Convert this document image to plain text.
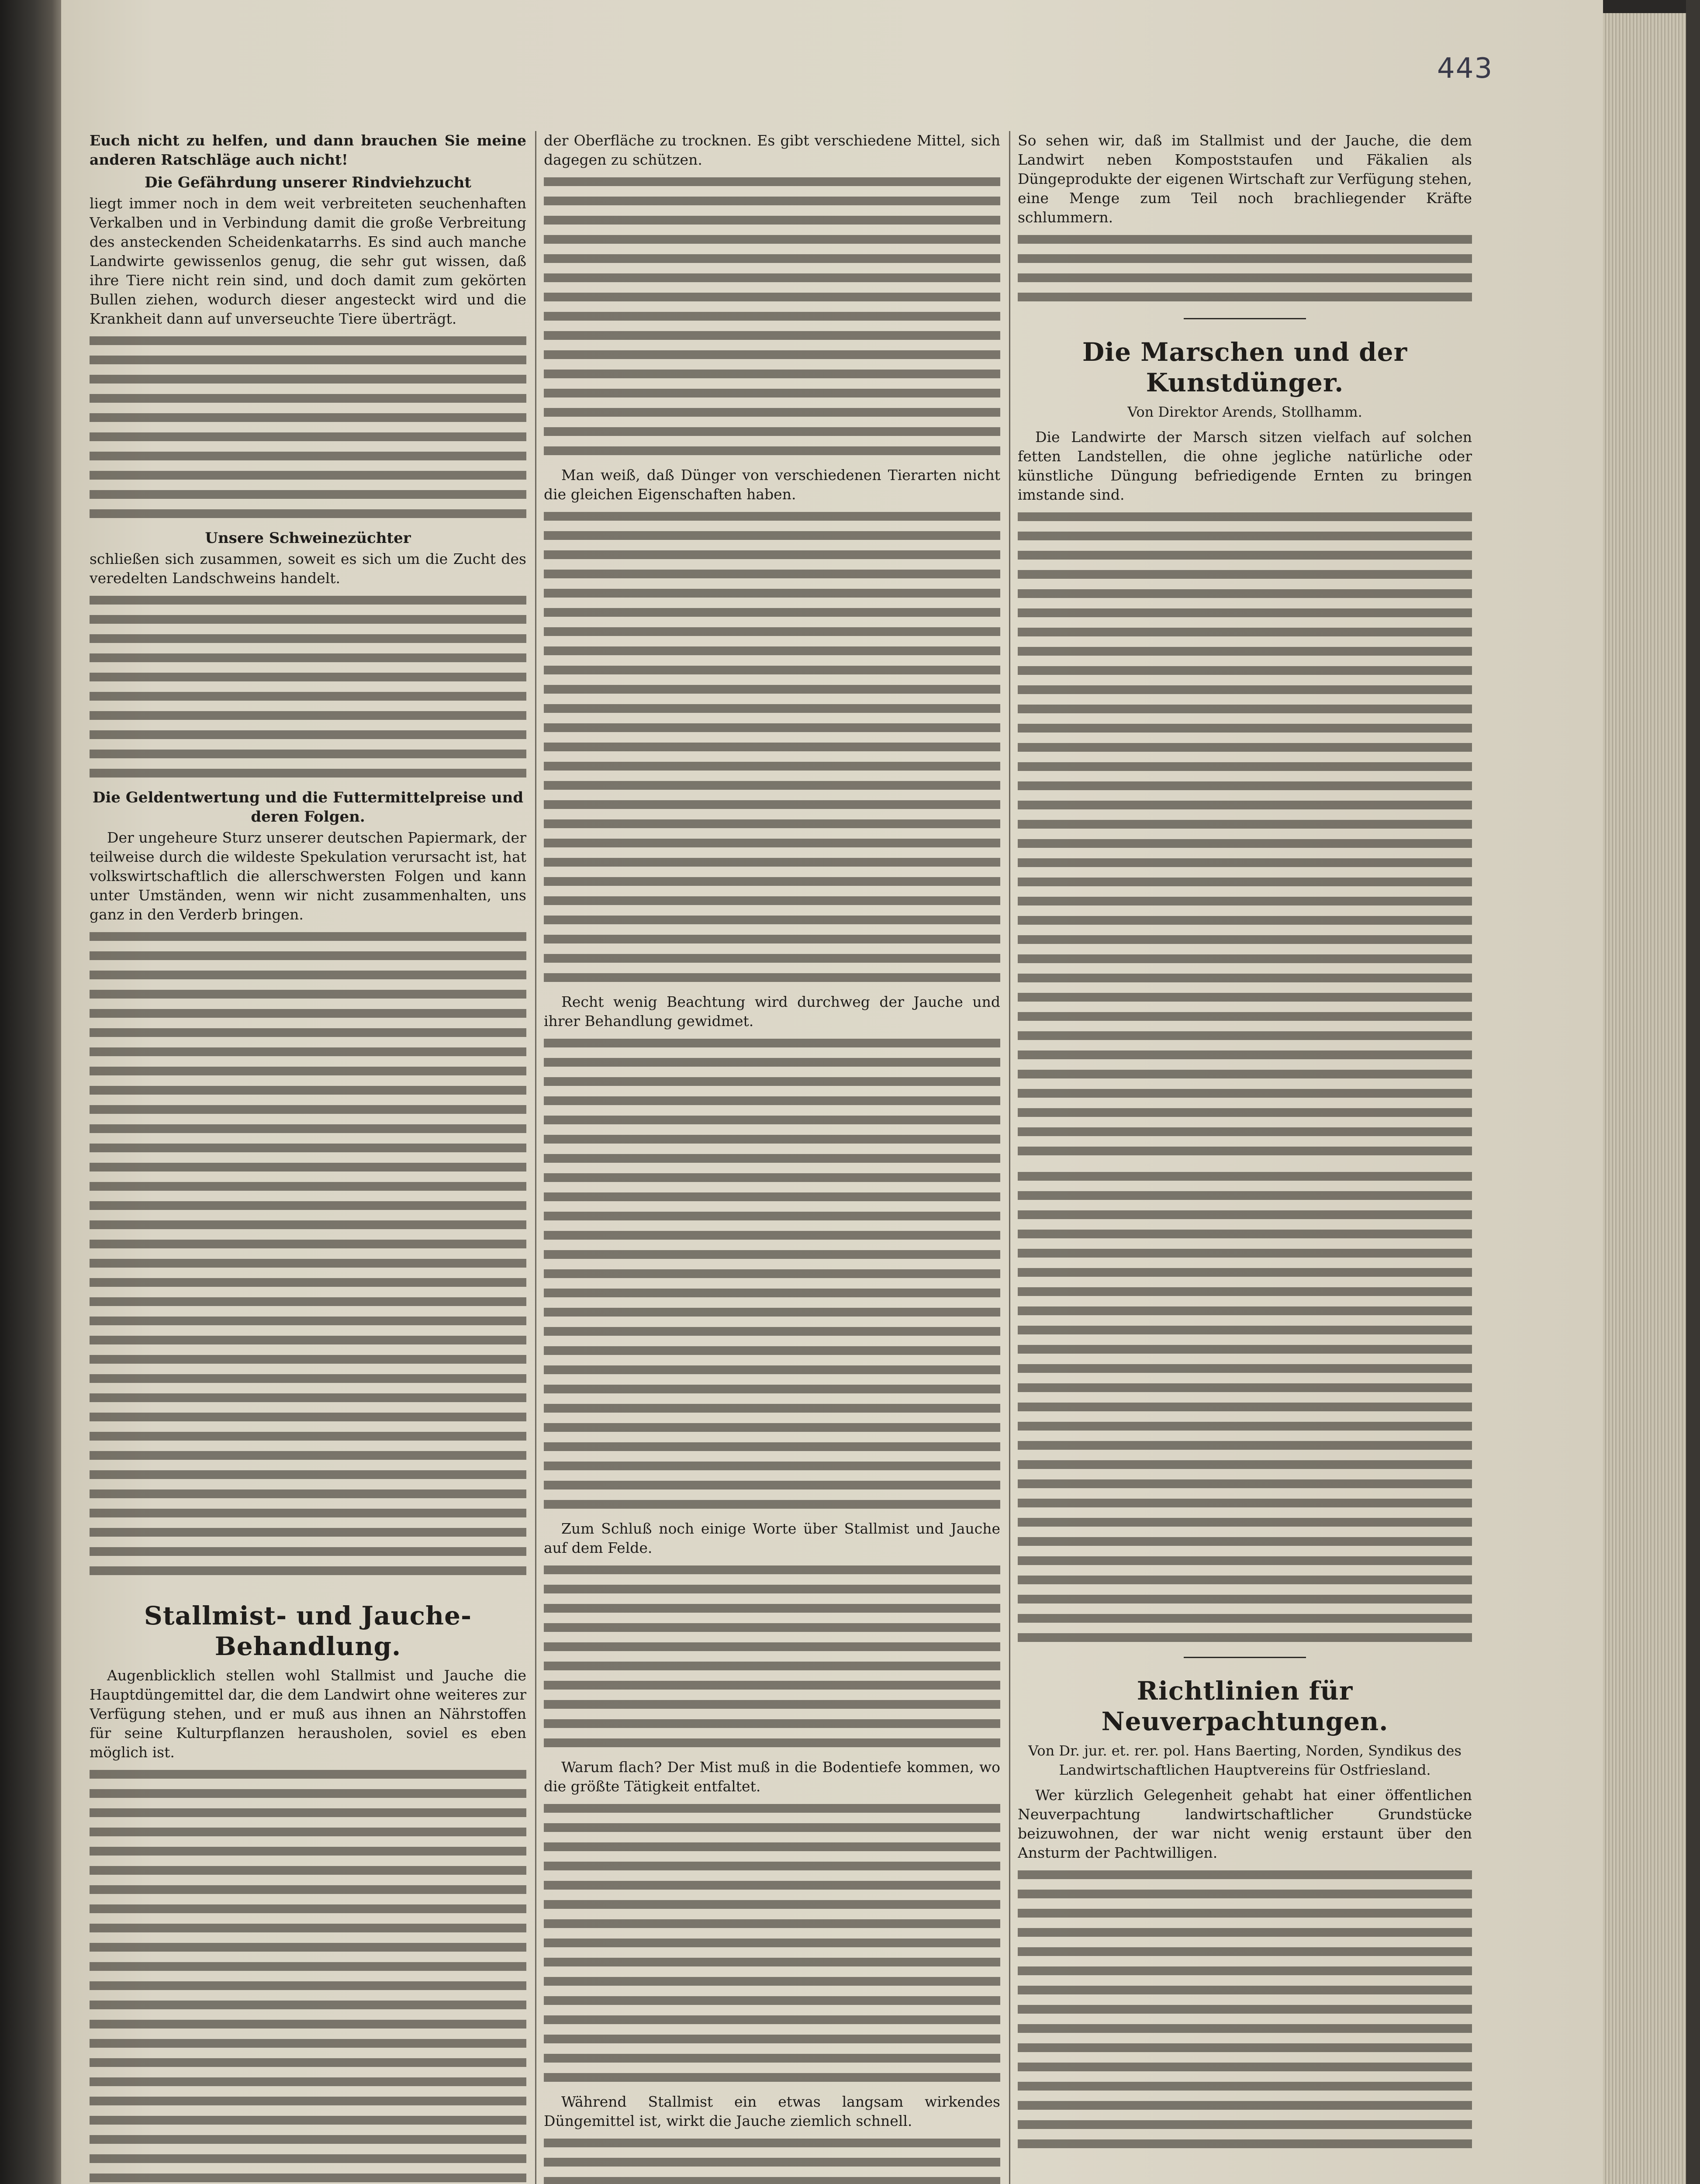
443

Euch nicht zu helfen, und dann brauchen Sie meine anderen Ratschläge auch nicht!

Die Gefährdung unserer Rindviehzucht

liegt immer noch in dem weit verbreiteten seuchenhaften Verkalben und in Verbindung damit die große Verbreitung des ansteckenden Scheidenkatarrhs. Es sind auch manche Landwirte gewissenlos genug, die sehr gut wissen, daß ihre Tiere nicht rein sind, und doch damit zum gekörten Bullen ziehen, wodurch dieser angesteckt wird und die Krankheit dann auf unverseuchte Tiere überträgt.

Unsere Schweinezüchter

schließen sich zusammen, soweit es sich um die Zucht des veredelten Landschweins handelt.

Die Geldentwertung und die Futtermittelpreise und deren Folgen.

Der ungeheure Sturz unserer deutschen Papiermark, der teilweise durch die wildeste Spekulation verursacht ist, hat volkswirtschaftlich die allerschwersten Folgen und kann unter Umständen, wenn wir nicht zusammenhalten, uns ganz in den Verderb bringen.

Stallmist- und Jauche-Behandlung.

Augenblicklich stellen wohl Stallmist und Jauche die Hauptdüngemittel dar, die dem Landwirt ohne weiteres zur Verfügung stehen, und er muß aus ihnen an Nährstoffen für seine Kulturpflanzen herausholen, soviel es eben möglich ist.

der Oberfläche zu trocknen. Es gibt verschiedene Mittel, sich dagegen zu schützen.

Man weiß, daß Dünger von verschiedenen Tierarten nicht die gleichen Eigenschaften haben.

Recht wenig Beachtung wird durchweg der Jauche und ihrer Behandlung gewidmet.

Zum Schluß noch einige Worte über Stallmist und Jauche auf dem Felde.

Warum flach? Der Mist muß in die Bodentiefe kommen, wo die größte Tätigkeit entfaltet.

Während Stallmist ein etwas langsam wirkendes Düngemittel ist, wirkt die Jauche ziemlich schnell.

So sehen wir, daß im Stallmist und der Jauche, die dem Landwirt neben Kompoststaufen und Fäkalien als Düngeprodukte der eigenen Wirtschaft zur Verfügung stehen, eine Menge zum Teil noch brachliegender Kräfte schlummern.

Die Marschen und der Kunstdünger.
Von Direktor Arends, Stollhamm.

Die Landwirte der Marsch sitzen vielfach auf solchen fetten Landstellen, die ohne jegliche natürliche oder künstliche Düngung befriedigende Ernten zu bringen imstande sind.

Richtlinien für Neuverpachtungen.
Von Dr. jur. et. rer. pol. Hans Baerting, Norden, Syndikus des Landwirtschaftlichen Hauptvereins für Ostfriesland.

Wer kürzlich Gelegenheit gehabt hat einer öffentlichen Neuverpachtung landwirtschaftlicher Grundstücke beizuwohnen, der war nicht wenig erstaunt über den Ansturm der Pachtwilligen.
